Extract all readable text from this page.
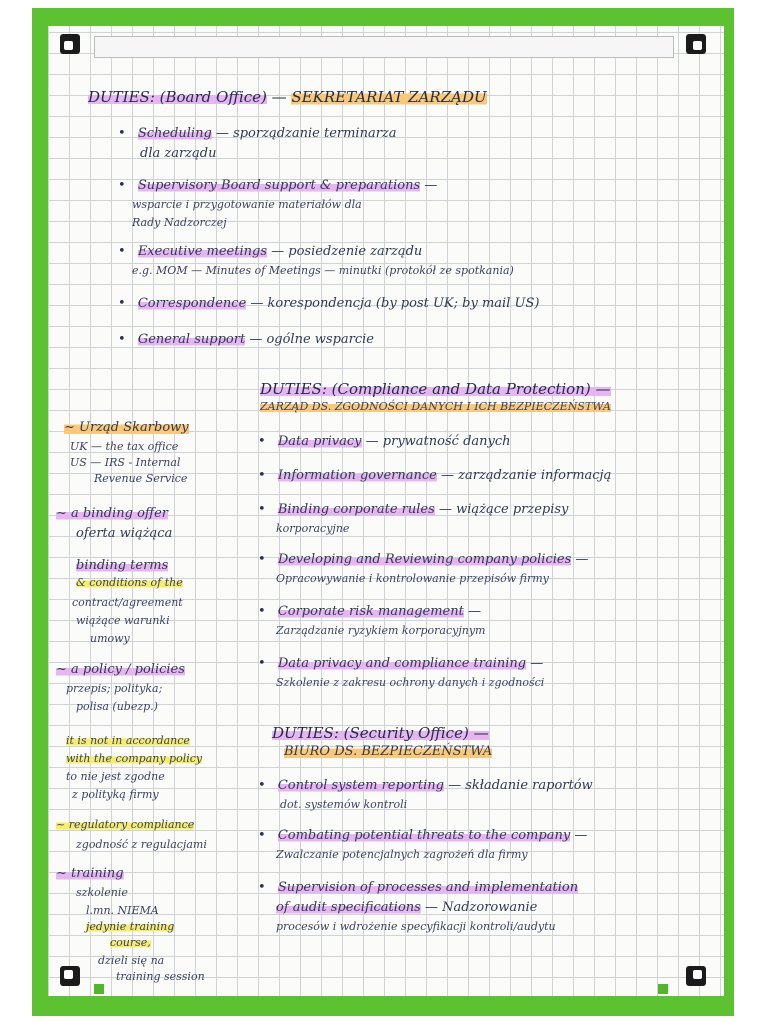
DUTIES: (Board Office) — SEKRETARIAT ZARZĄDU
• Scheduling — sporządzanie terminarza
dla zarządu
• Supervisory Board support & preparations —
wsparcie i przygotowanie materiałów dla
Rady Nadzorczej
• Executive meetings — posiedzenie zarządu
e.g. MOM — Minutes of Meetings — minutki (protokół ze spotkania)
• Correspondence — korespondencja (by post UK; by mail US)
• General support — ogólne wsparcie
DUTIES: (Compliance and Data Protection) —
ZARZĄD DS. ZGODNOŚCI DANYCH I ICH BEZPIECZEŃSTWA
• Data privacy — prywatność danych
• Information governance — zarządzanie informacją
• Binding corporate rules — wiążące przepisy
korporacyjne
• Developing and Reviewing company policies —
Opracowywanie i kontrolowanie przepisów firmy
• Corporate risk management —
Zarządzanie ryzykiem korporacyjnym
• Data privacy and compliance training —
Szkolenie z zakresu ochrony danych i zgodności
DUTIES: (Security Office) —
BIURO DS. BEZPIECZEŃSTWA
• Control system reporting — składanie raportów
dot. systemów kontroli
• Combating potential threats to the company —
Zwalczanie potencjalnych zagrożeń dla firmy
• Supervision of processes and implementation
of audit specifications — Nadzorowanie
procesów i wdrożenie specyfikacji kontroli/audytu
~ Urząd Skarbowy
UK — the tax office
US — IRS - Internal
Revenue Service
~ a binding offer
oferta wiążąca
binding terms
& conditions of the
contract/agreement
wiążące warunki
umowy
~ a policy / policies
przepis; polityka;
polisa (ubezp.)
it is not in accordance
with the company policy
to nie jest zgodne
z polityką firmy
~ regulatory compliance
zgodność z regulacjami
~ training
szkolenie
l.mn. NIEMA
jedynie training
course,
dzieli się na
training session
